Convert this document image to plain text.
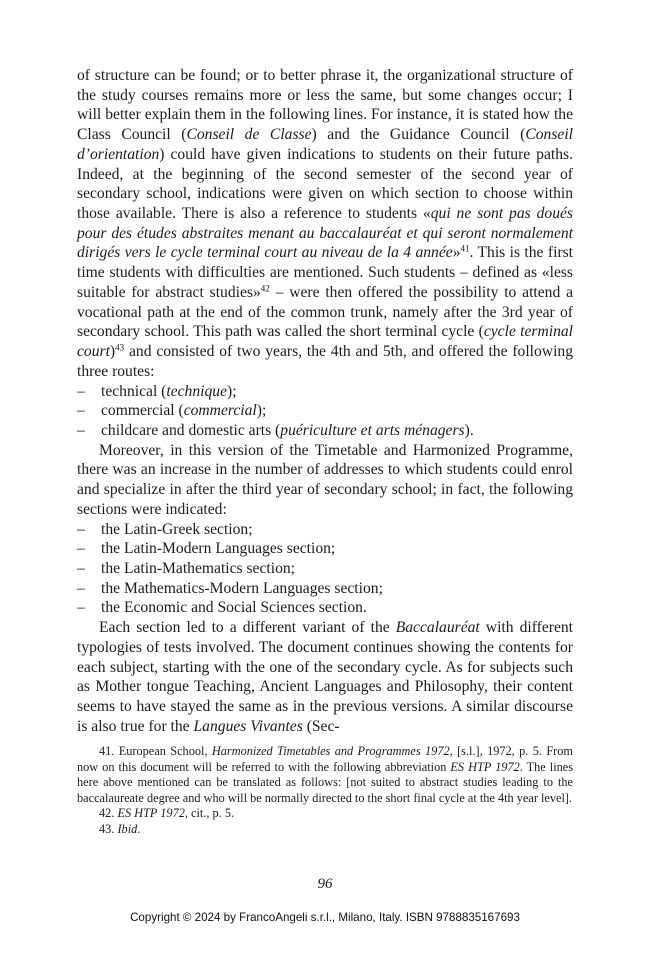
of structure can be found; or to better phrase it, the organizational structure of the study courses remains more or less the same, but some changes occur; I will better explain them in the following lines. For instance, it is stated how the Class Council (Conseil de Classe) and the Guidance Council (Conseil d’orientation) could have given indications to students on their future paths. Indeed, at the beginning of the second semester of the second year of secondary school, indications were given on which section to choose within those available. There is also a reference to students «qui ne sont pas doués pour des études abstraites menant au baccalauréat et qui seront normalement dirigés vers le cycle terminal court au niveau de la 4 année»$^{41}$. This is the first time students with difficulties are mentioned. Such students – defined as «less suitable for abstract studies»$^{42}$ – were then offered the possibility to attend a vocational path at the end of the common trunk, namely after the 3rd year of secondary school. This path was called the short terminal cycle (cycle terminal court)$^{43}$ and consisted of two years, the 4th and 5th, and offered the following three routes:

– technical (technique);
– commercial (commercial);
– childcare and domestic arts (puériculture et arts ménagers).

Moreover, in this version of the Timetable and Harmonized Programme, there was an increase in the number of addresses to which students could enrol and specialize in after the third year of secondary school; in fact, the following sections were indicated:

– the Latin-Greek section;
– the Latin-Modern Languages section;
– the Latin-Mathematics section;
– the Mathematics-Modern Languages section;
– the Economic and Social Sciences section.

Each section led to a different variant of the Baccalauréat with different typologies of tests involved. The document continues showing the contents for each subject, starting with the one of the secondary cycle. As for subjects such as Mother tongue Teaching, Ancient Languages and Philosophy, their content seems to have stayed the same as in the previous versions. A similar discourse is also true for the Langues Vivantes (Sec-

41. European School, Harmonized Timetables and Programmes 1972, [s.l.], 1972, p. 5. From now on this document will be referred to with the following abbreviation ES HTP 1972. The lines here above mentioned can be translated as follows: [not suited to abstract studies leading to the baccalaureate degree and who will be normally directed to the short final cycle at the 4th year level].

42. ES HTP 1972, cit., p. 5.

43. Ibid.

96
Copyright © 2024 by FrancoAngeli s.r.l., Milano, Italy. ISBN 9788835167693
